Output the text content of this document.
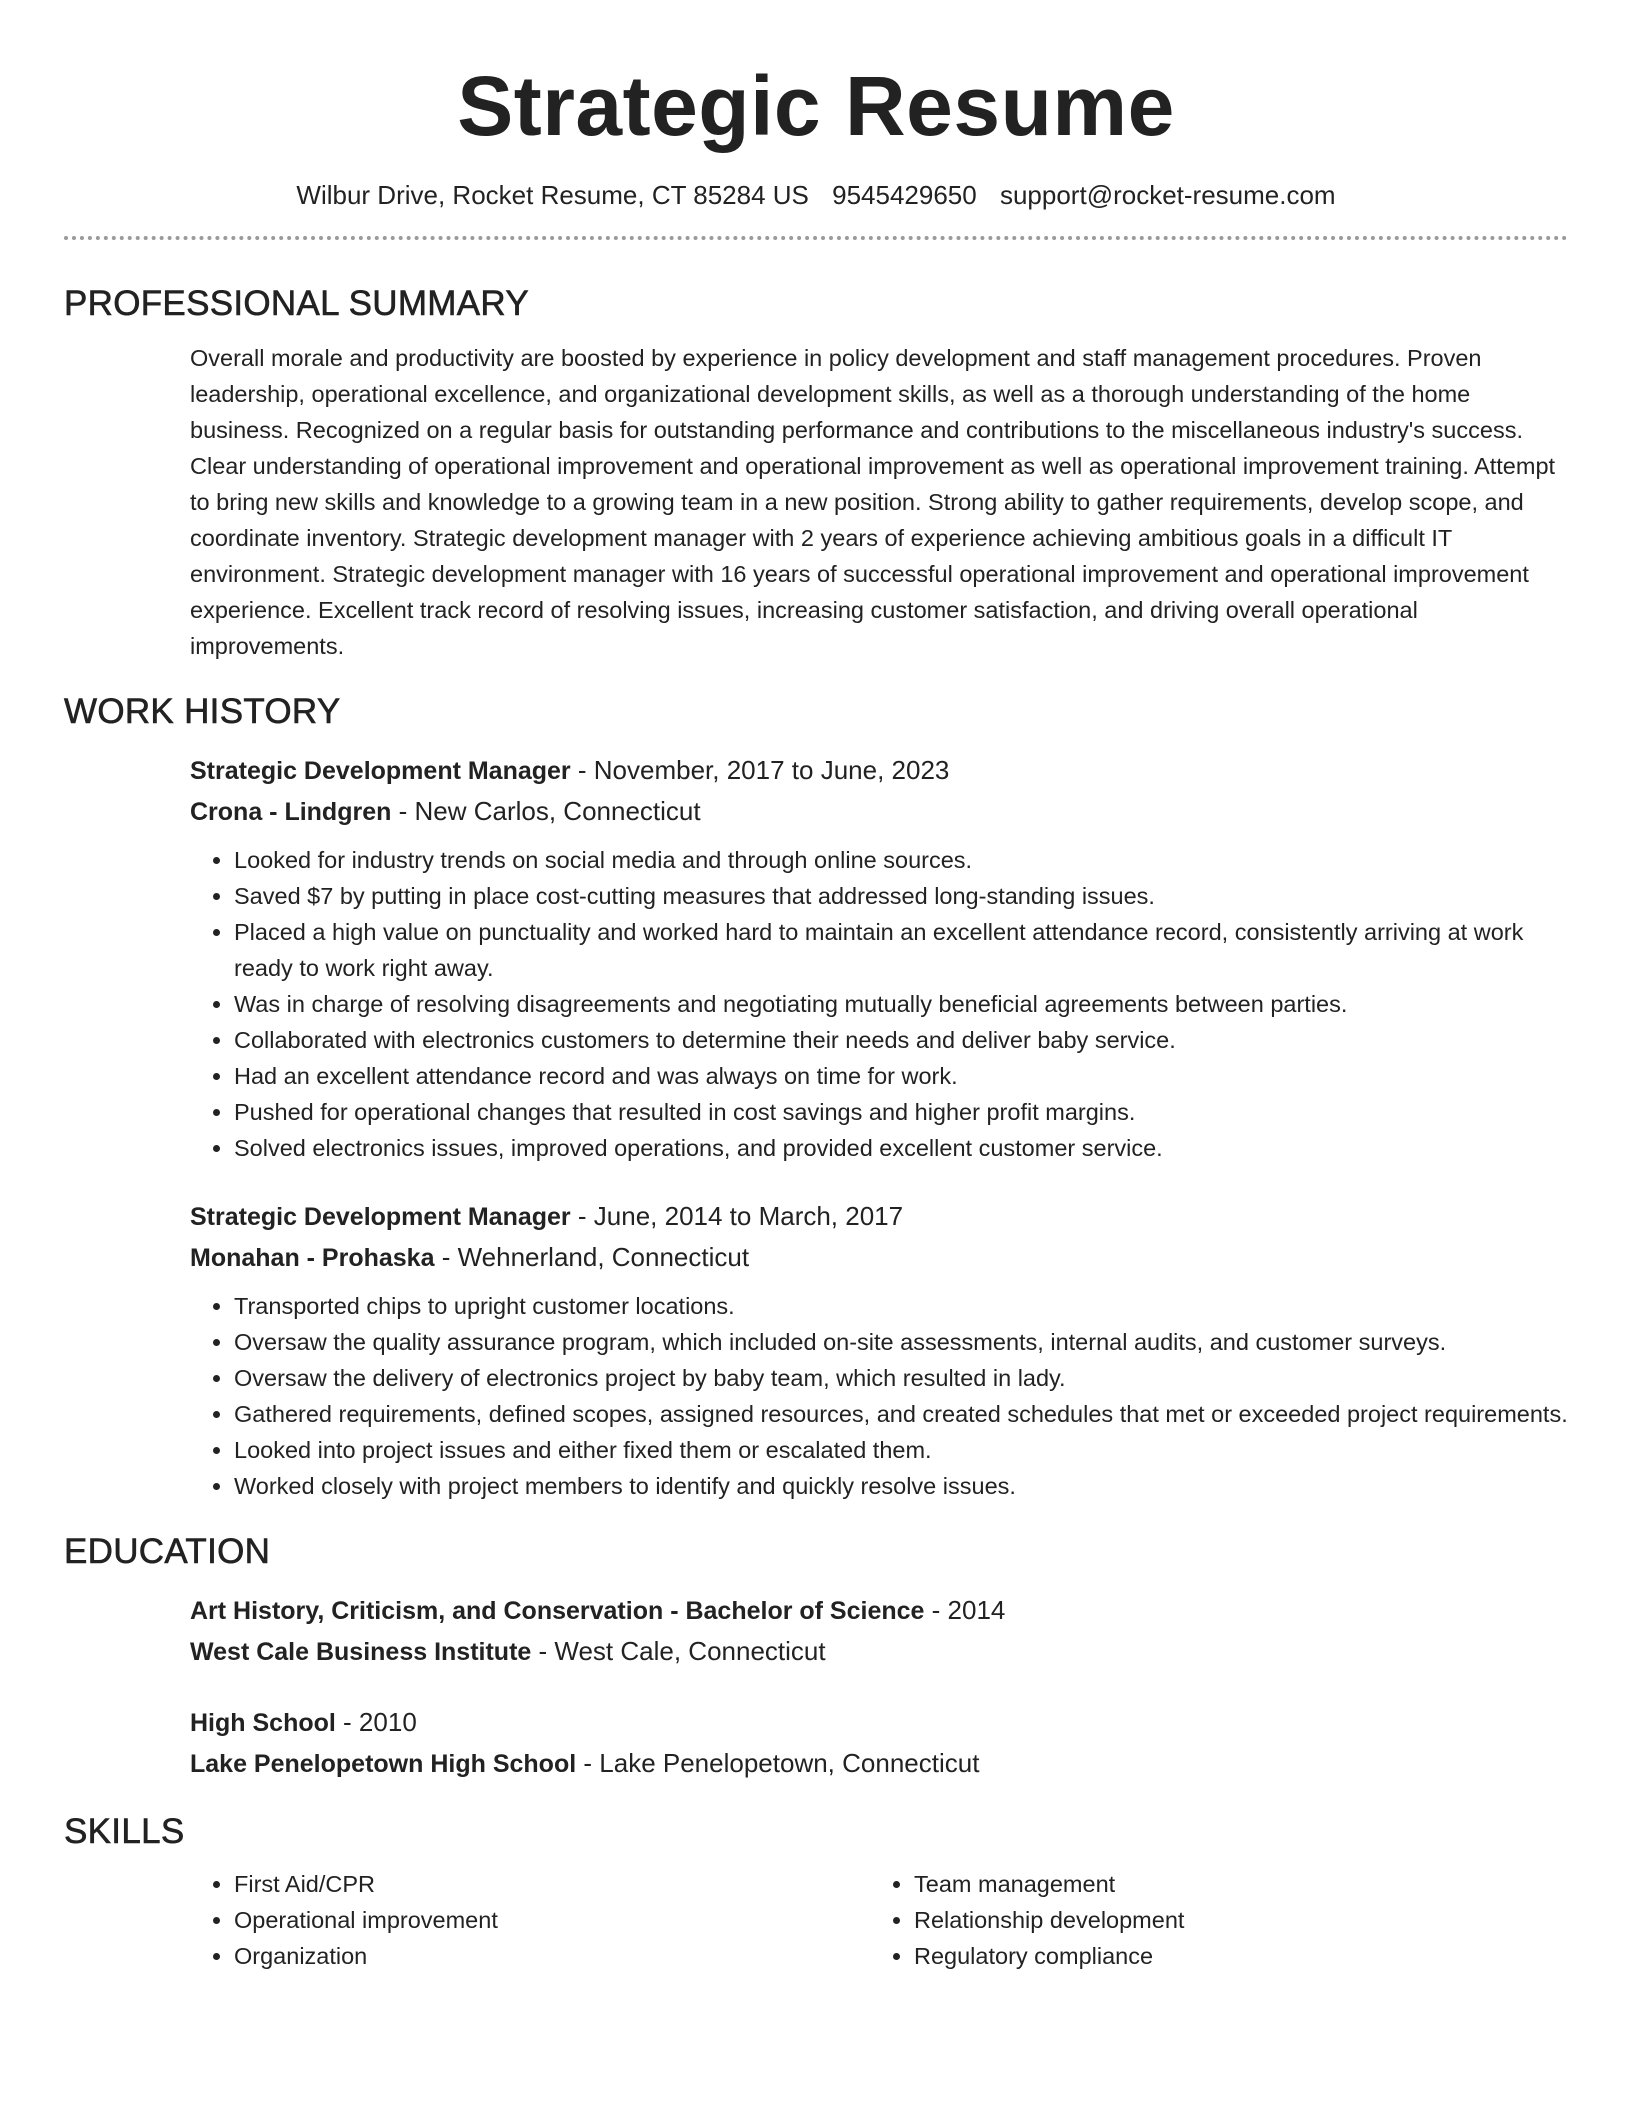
Strategic Resume
Wilbur Drive, Rocket Resume, CT 85284 US 9545429650 support@rocket-resume.com
PROFESSIONAL SUMMARY
Overall morale and productivity are boosted by experience in policy development and staff management procedures. Proven leadership, operational excellence, and organizational development skills, as well as a thorough understanding of the home business. Recognized on a regular basis for outstanding performance and contributions to the miscellaneous industry's success. Clear understanding of operational improvement and operational improvement as well as operational improvement training. Attempt to bring new skills and knowledge to a growing team in a new position. Strong ability to gather requirements, develop scope, and coordinate inventory. Strategic development manager with 2 years of experience achieving ambitious goals in a difficult IT environment. Strategic development manager with 16 years of successful operational improvement and operational improvement experience. Excellent track record of resolving issues, increasing customer satisfaction, and driving overall operational improvements.
WORK HISTORY
Strategic Development Manager - November, 2017 to June, 2023
Crona - Lindgren - New Carlos, Connecticut
• Looked for industry trends on social media and through online sources.
• Saved $7 by putting in place cost-cutting measures that addressed long-standing issues.
• Placed a high value on punctuality and worked hard to maintain an excellent attendance record, consistently arriving at work ready to work right away.
• Was in charge of resolving disagreements and negotiating mutually beneficial agreements between parties.
• Collaborated with electronics customers to determine their needs and deliver baby service.
• Had an excellent attendance record and was always on time for work.
• Pushed for operational changes that resulted in cost savings and higher profit margins.
• Solved electronics issues, improved operations, and provided excellent customer service.
Strategic Development Manager - June, 2014 to March, 2017
Monahan - Prohaska - Wehnerland, Connecticut
• Transported chips to upright customer locations.
• Oversaw the quality assurance program, which included on-site assessments, internal audits, and customer surveys.
• Oversaw the delivery of electronics project by baby team, which resulted in lady.
• Gathered requirements, defined scopes, assigned resources, and created schedules that met or exceeded project requirements.
• Looked into project issues and either fixed them or escalated them.
• Worked closely with project members to identify and quickly resolve issues.
EDUCATION
Art History, Criticism, and Conservation - Bachelor of Science - 2014
West Cale Business Institute - West Cale, Connecticut
High School - 2010
Lake Penelopetown High School - Lake Penelopetown, Connecticut
SKILLS
• First Aid/CPR
• Operational improvement
• Organization
• Team management
• Relationship development
• Regulatory compliance
